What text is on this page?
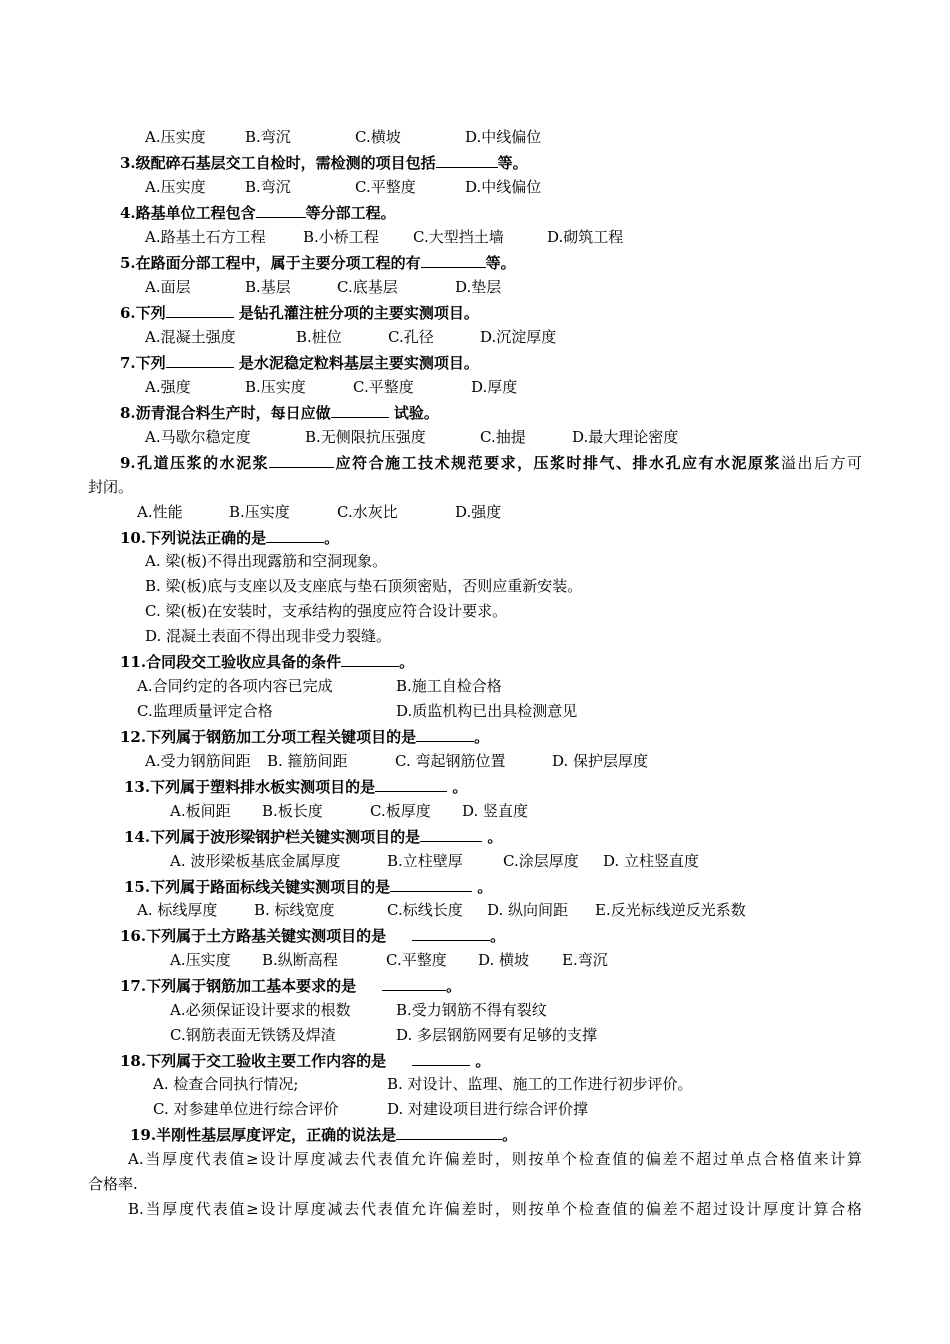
A.压实度	B.弯沉	C.横坡	D.中线偏位
3.级配碎石基层交工自检时，需检测的项目包括	等。
A.压实度	B.弯沉	C.平整度	D.中线偏位
4.路基单位工程包含	等分部工程。
A.路基土石方工程 B.小桥工程 C.大型挡土墙	D.砌筑工程
5.在路面分部工程中，属于主要分项工程的有	等。
A.面层	B.基层	C.底基层	D.垫层
6.下列	是钻孔灌注桩分项的主要实测项目。
A.混凝土强度	B.桩位	C.孔径	D.沉淀厚度
7.下列	是水泥稳定粒料基层主要实测项目。
A.强度	B.压实度	C.平整度	D.厚度
8.沥青混合料生产时，每日应做	试验。
A.马歇尔稳定度	B.无侧限抗压强度	C.抽提	D.最大理论密度
9.孔道压浆的水泥浆	应符合施工技术规范要求，压浆时排气、排水孔应有水泥原浆溢出后方可
封闭。
A.性能	B.压实度	C.水灰比	D.强度
10.下列说法正确的是	。
A. 梁(板)不得出现露筋和空洞现象。
B. 梁(板)底与支座以及支座底与垫石顶须密贴，否则应重新安装。
C. 梁(板)在安装时，支承结构的强度应符合设计要求。
D. 混凝土表面不得出现非受力裂缝。
11.合同段交工验收应具备的条件	。
A.合同约定的各项内容已完成	B.施工自检合格
C.监理质量评定合格	D.质监机构已出具检测意见
12.下列属于钢筋加工分项工程关键项目的是	。
A.受力钢筋间距 B. 箍筋间距	C. 弯起钢筋位置	D. 保护层厚度
13.下列属于塑料排水板实测项目的是	。
A.板间距 B.板长度	C.板厚度 D. 竖直度
14.下列属于波形梁钢护栏关键实测项目的是	。
A. 波形梁板基底金属厚度	B.立柱壁厚	C.涂层厚度 D. 立柱竖直度
15.下列属于路面标线关键实测项目的是	。
A. 标线厚度 B. 标线宽度	C.标线长度 D. 纵向间距 E.反光标线逆反光系数
16.下列属于土方路基关键实测项目的是	。
A.压实度 B.纵断高程	C.平整度 D. 横坡 E.弯沉
17.下列属于钢筋加工基本要求的是	。
A.必须保证设计要求的根数	B.受力钢筋不得有裂纹
C.钢筋表面无铁锈及焊渣	D. 多层钢筋网要有足够的支撑
18.下列属于交工验收主要工作内容的是	。
A. 检查合同执行情况;	B. 对设计、监理、施工的工作进行初步评价。
C. 对参建单位进行综合评价	D. 对建设项目进行综合评价撑
19.半刚性基层厚度评定，正确的说法是	。
A.当厚度代表值≥设计厚度减去代表值允许偏差时，则按单个检查值的偏差不超过单点合格值来计算
合格率.
B.当厚度代表值≥设计厚度减去代表值允许偏差时，则按单个检查值的偏差不超过设计厚度计算合格
